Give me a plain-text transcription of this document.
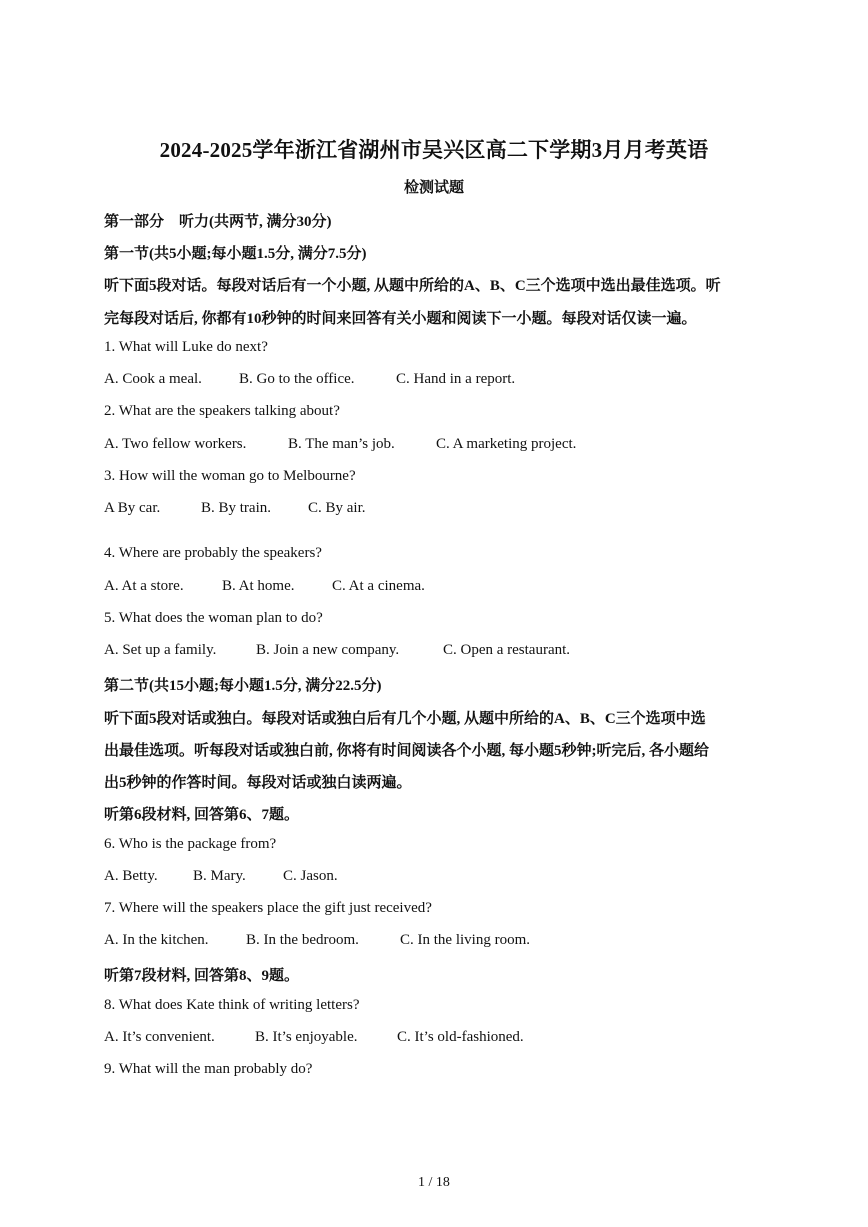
2024-2025学年浙江省湖州市吴兴区高二下学期3月月考英语
检测试题
第一部分　听力(共两节, 满分30分)
第一节(共5小题;每小题1.5分, 满分7.5分)
听下面5段对话。每段对话后有一个小题, 从题中所给的A、B、C三个选项中选出最佳选项。听
完每段对话后, 你都有10秒钟的时间来回答有关小题和阅读下一小题。每段对话仅读一遍。
1. What will Luke do next?
A. Cook a meal. B. Go to the office.	C. Hand in a report.
2. What are the speakers talking about?
A. Two fellow workers.	B. The man’s job.	C. A marketing project.
3. How will the woman go to Melbourne?
A By car.	B. By train. C. By air.
4. Where are probably the speakers?
A. At a store.	B. At home. C. At a cinema.
5. What does the woman plan to do?
A. Set up a family.	B. Join a new company.	C. Open a restaurant.
第二节(共15小题;每小题1.5分, 满分22.5分)
听下面5段对话或独白。每段对话或独白后有几个小题, 从题中所给的A、B、C三个选项中选
出最佳选项。听每段对话或独白前, 你将有时间阅读各个小题, 每小题5秒钟;听完后, 各小题给
出5秒钟的作答时间。每段对话或独白读两遍。
听第6段材料, 回答第6、7题。
6. Who is the package from?
A. Betty. B. Mary. C. Jason.
7. Where will the speakers place the gift just received?
A. In the kitchen. B. In the bedroom.	C. In the living room.
听第7段材料, 回答第8、9题。
8. What does Kate think of writing letters?
A. It’s convenient.	B. It’s enjoyable.	C. It’s old-fashioned.
9. What will the man probably do?
1 / 18
